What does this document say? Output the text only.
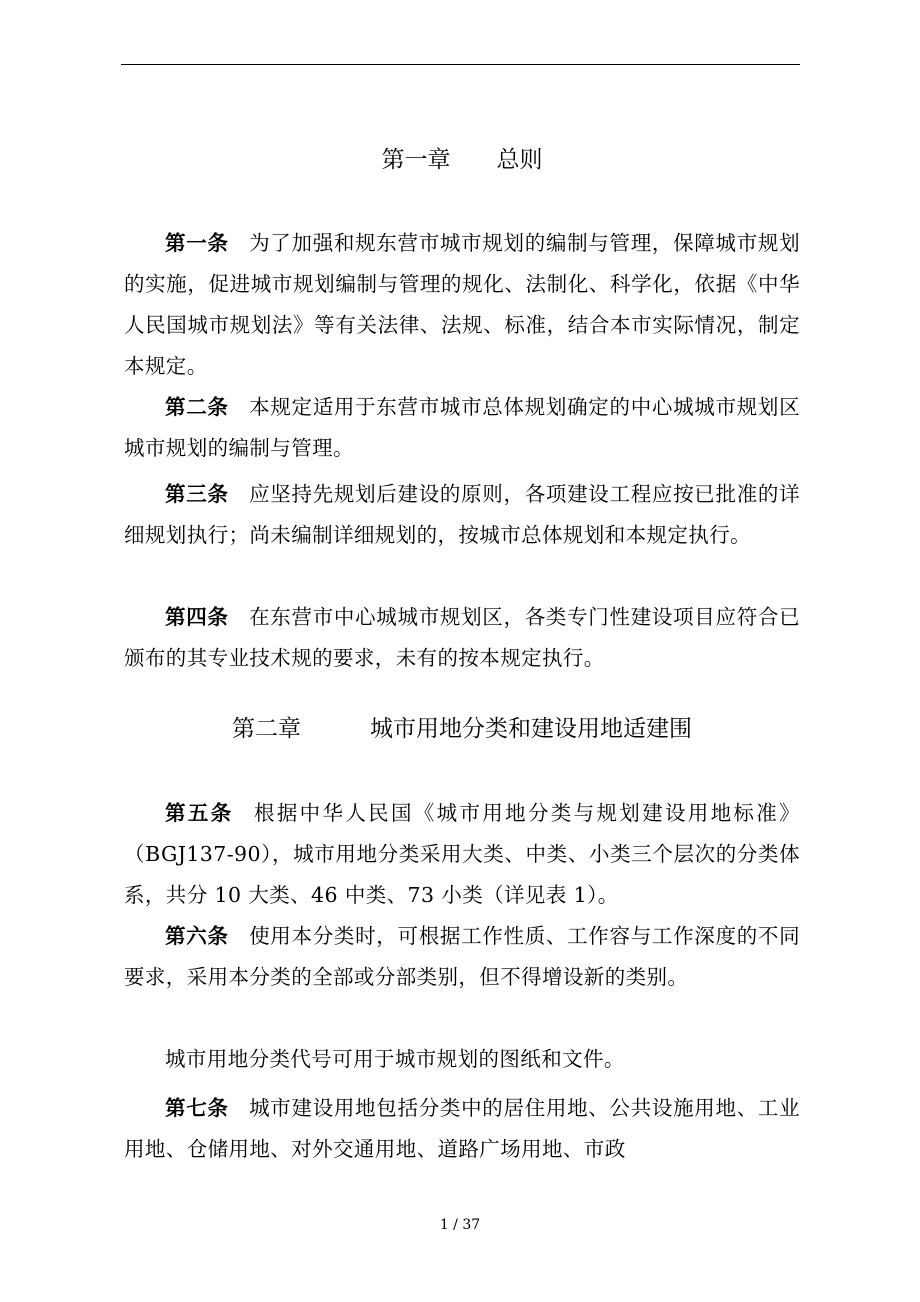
第一章　　总则

第一条 为了加强和规东营市城市规划的编制与管理，保障城市规划的实施，促进城市规划编制与管理的规化、法制化、科学化，依据《中华人民国城市规划法》等有关法律、法规、标准，结合本市实际情况，制定本规定。

第二条 本规定适用于东营市城市总体规划确定的中心城城市规划区城市规划的编制与管理。

第三条 应坚持先规划后建设的原则，各项建设工程应按已批准的详细规划执行；尚未编制详细规划的，按城市总体规划和本规定执行。

第四条 在东营市中心城城市规划区，各类专门性建设项目应符合已颁布的其专业技术规的要求，未有的按本规定执行。

第二章　　　城市用地分类和建设用地适建围

第五条 根据中华人民国《城市用地分类与规划建设用地标准》（BGJ137-90），城市用地分类采用大类、中类、小类三个层次的分类体系，共分 10 大类、46 中类、73 小类（详见表 1）。

第六条 使用本分类时，可根据工作性质、工作容与工作深度的不同要求，采用本分类的全部或分部类别，但不得增设新的类别。

城市用地分类代号可用于城市规划的图纸和文件。

第七条 城市建设用地包括分类中的居住用地、公共设施用地、工业用地、仓储用地、对外交通用地、道路广场用地、市政

1 / 37
